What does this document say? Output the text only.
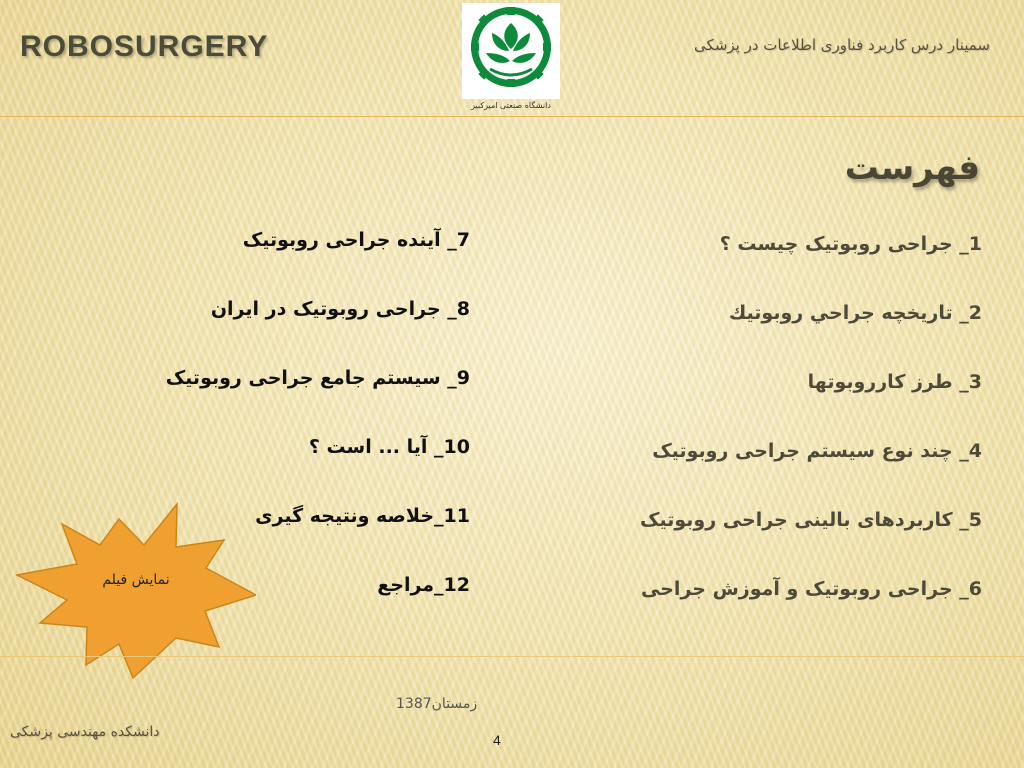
ROBOSURGERY
دانشگاه صنعتی امیرکبیر
سمینار درس کاربرد فناوری اطلاعات در پزشکی
فهرست
1_ جراحی روبوتیک چیست ؟
2_ تاريخچه جراحي روبوتيك
3_ طرز کارروبوتها
4_ چند نوع سیستم جراحی روبوتیک
5_ کاربردهای بالینی جراحی روبوتیک
6_ جراحی روبوتیک و آموزش جراحی
7_ آینده جراحی روبوتیک
8_ جراحی روبوتیک در ایران
9_ سیستم جامع جراحی روبوتیک
10_ آیا ... است ؟
11_خلاصه ونتیجه گیری
12_مراجع
نمایش فیلم
زمستان1387
دانشکده مهندسی پزشکی	4
